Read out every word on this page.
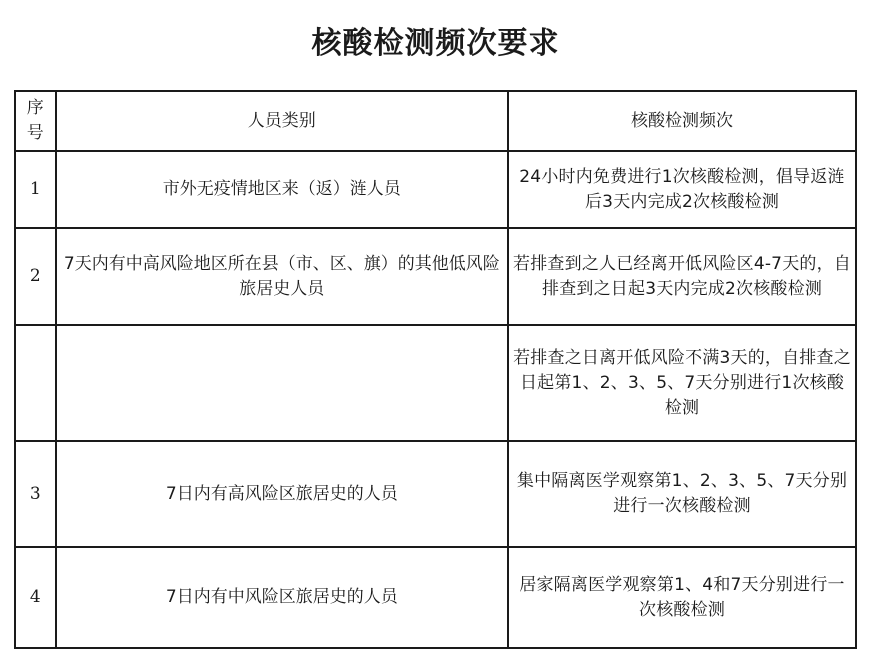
核酸检测频次要求
序号	人员类别	核酸检测频次
1	市外无疫情地区来（返）涟人员	24小时内免费进行1次核酸检测，倡导返涟后3天内完成2次核酸检测
2	7天内有中高风险地区所在县（市、区、旗）的其他低风险旅居史人员	若排查到之人已经离开低风险区4-7天的，自排查到之日起3天内完成2次核酸检测
		若排查之日离开低风险不满3天的，自排查之日起第1、2、3、5、7天分别进行1次核酸检测
3	7日内有高风险区旅居史的人员	集中隔离医学观察第1、2、3、5、7天分别进行一次核酸检测
4	7日内有中风险区旅居史的人员	居家隔离医学观察第1、4和7天分别进行一次核酸检测
